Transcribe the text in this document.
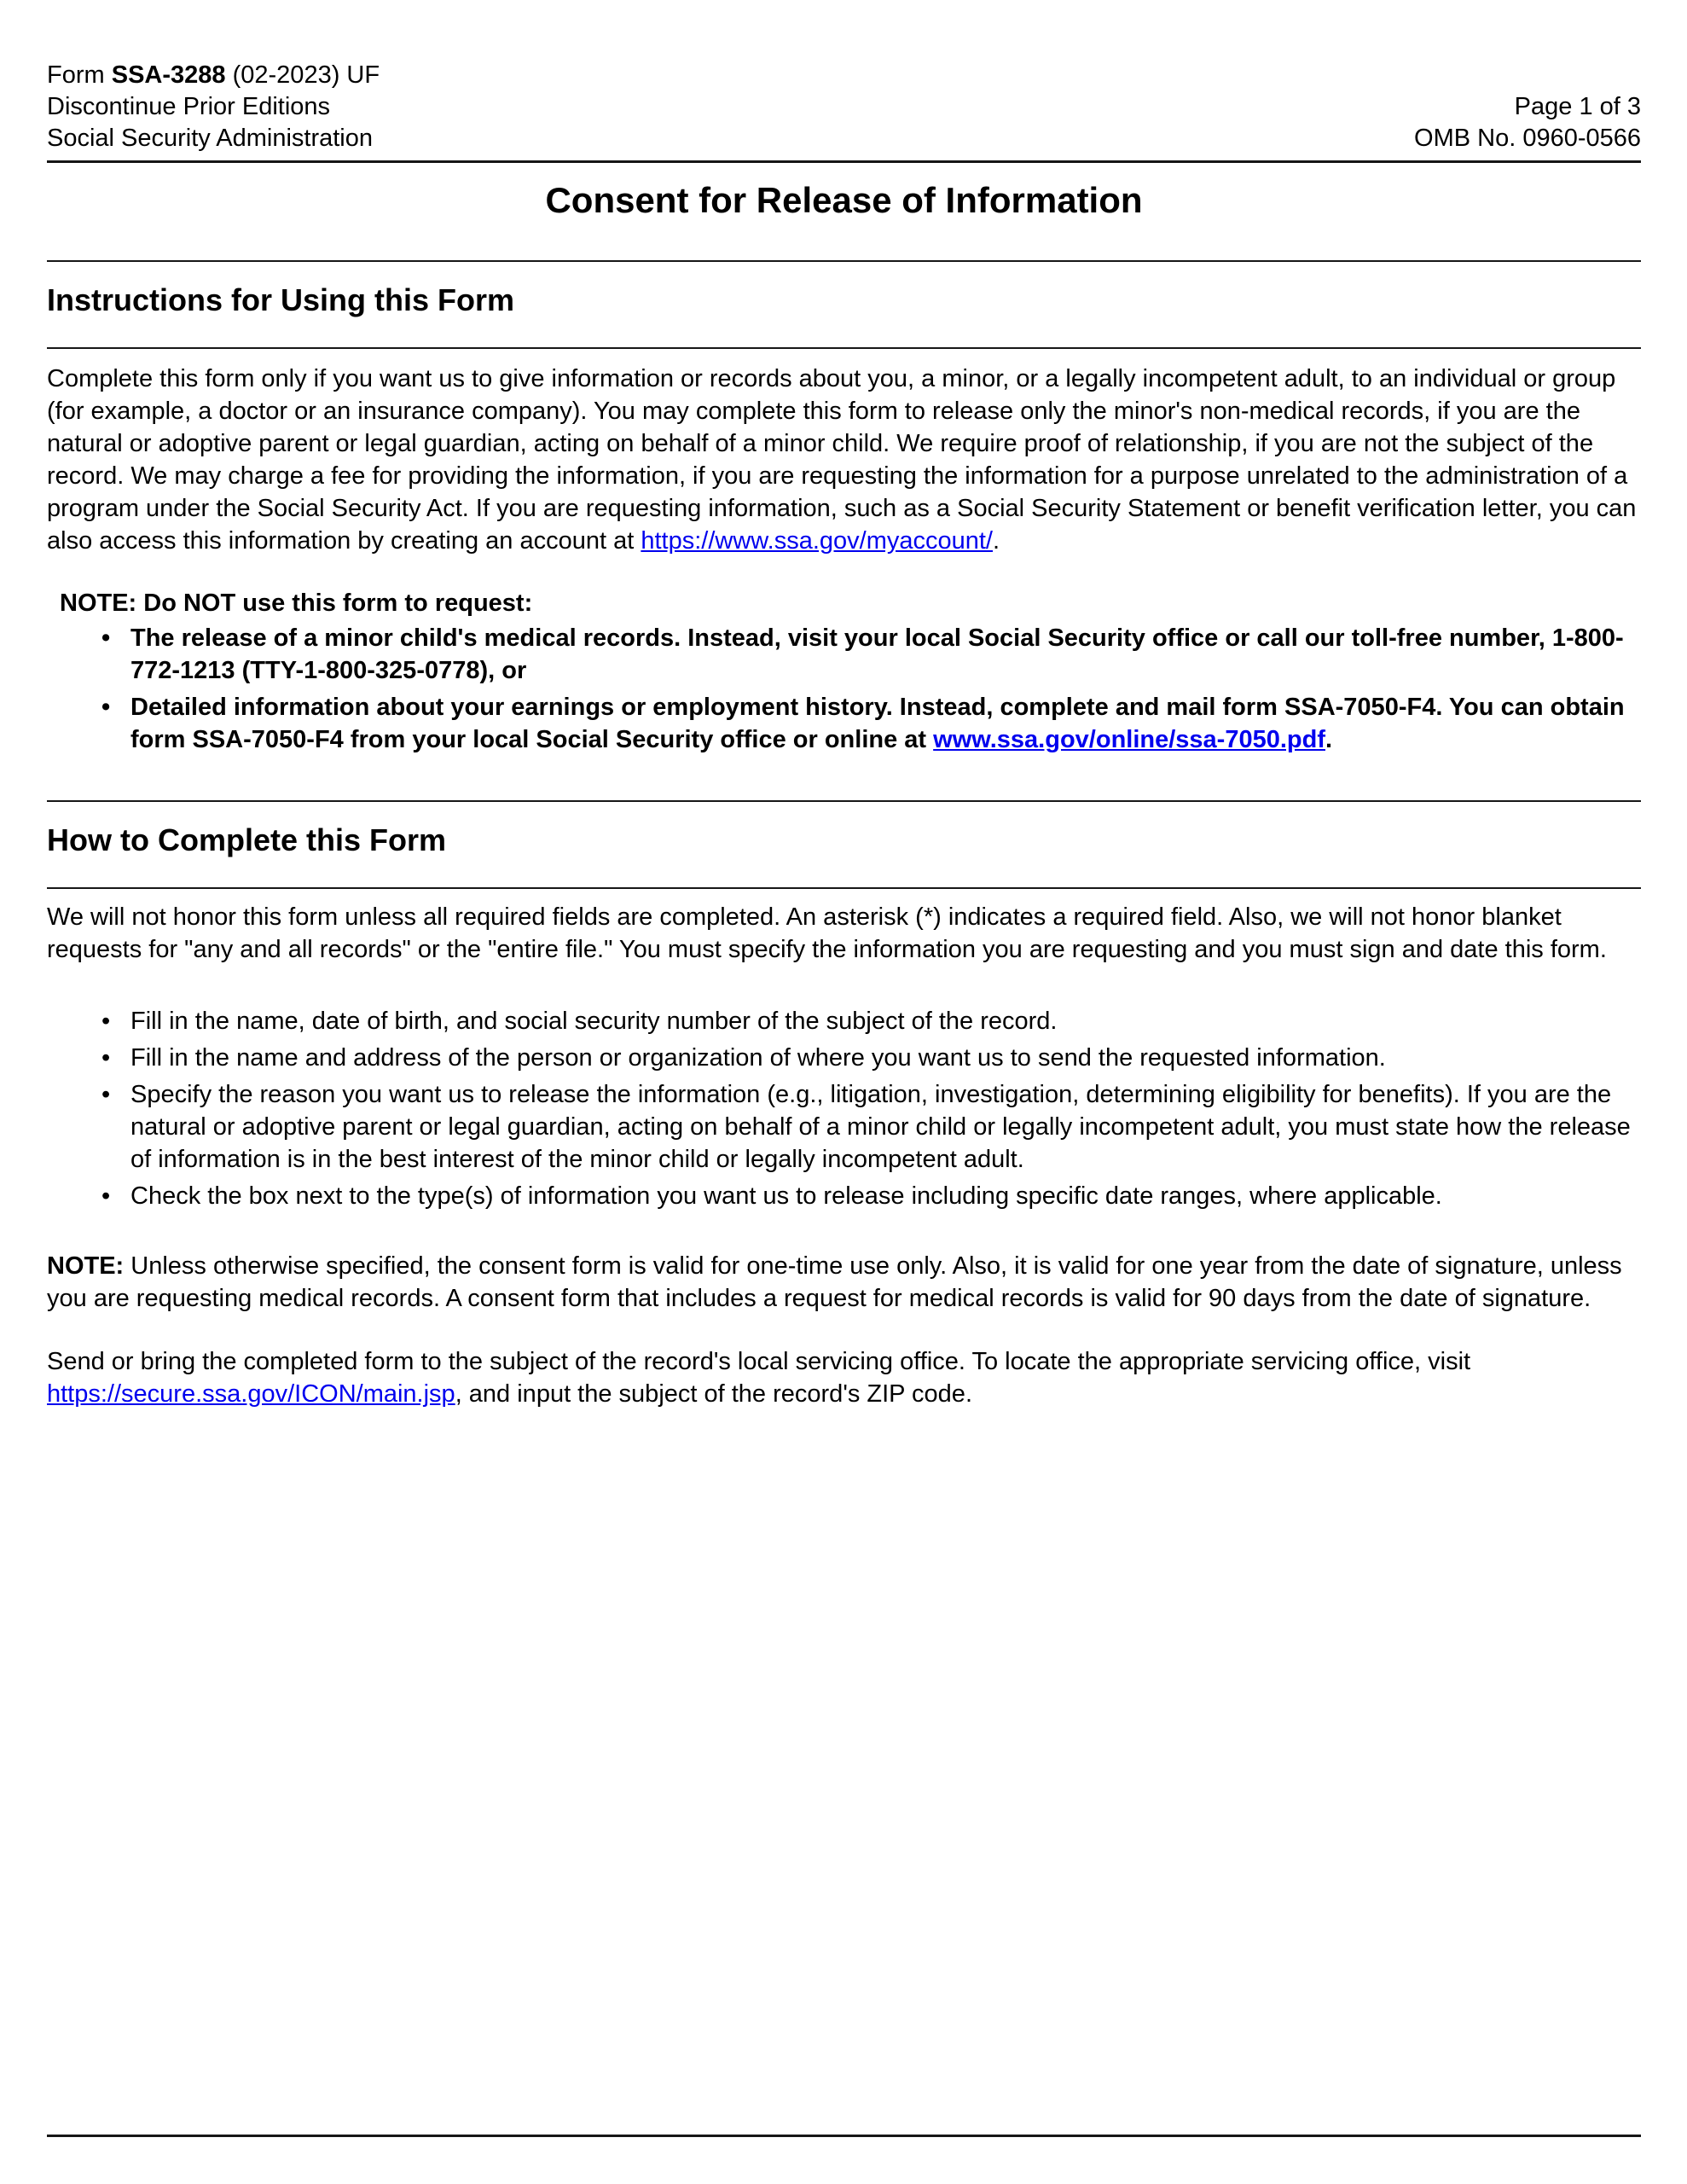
Form SSA-3288 (02-2023) UF
Discontinue Prior Editions
Social Security Administration
Page 1 of 3
OMB No. 0960-0566
Consent for Release of Information
Instructions for Using this Form

Complete this form only if you want us to give information or records about you, a minor, or a legally incompetent adult, to an individual or group (for example, a doctor or an insurance company). You may complete this form to release only the minor's non-medical records, if you are the natural or adoptive parent or legal guardian, acting on behalf of a minor child. We require proof of relationship, if you are not the subject of the record. We may charge a fee for providing the information, if you are requesting the information for a purpose unrelated to the administration of a program under the Social Security Act. If you are requesting information, such as a Social Security Statement or benefit verification letter, you can also access this information by creating an account at https://www.ssa.gov/myaccount/.

NOTE: Do NOT use this form to request:

• The release of a minor child's medical records. Instead, visit your local Social Security office or call our toll-free number, 1-800-772-1213 (TTY-1-800-325-0778), or
• Detailed information about your earnings or employment history. Instead, complete and mail form SSA-7050-F4. You can obtain form SSA-7050-F4 from your local Social Security office or online at www.ssa.gov/online/ssa-7050.pdf.
How to Complete this Form

We will not honor this form unless all required fields are completed. An asterisk (*) indicates a required field. Also, we will not honor blanket requests for "any and all records" or the "entire file." You must specify the information you are requesting and you must sign and date this form.

• Fill in the name, date of birth, and social security number of the subject of the record.
• Fill in the name and address of the person or organization of where you want us to send the requested information.
• Specify the reason you want us to release the information (e.g., litigation, investigation, determining eligibility for benefits). If you are the natural or adoptive parent or legal guardian, acting on behalf of a minor child or legally incompetent adult, you must state how the release of information is in the best interest of the minor child or legally incompetent adult.
• Check the box next to the type(s) of information you want us to release including specific date ranges, where applicable.

NOTE: Unless otherwise specified, the consent form is valid for one-time use only. Also, it is valid for one year from the date of signature, unless you are requesting medical records. A consent form that includes a request for medical records is valid for 90 days from the date of signature.

Send or bring the completed form to the subject of the record's local servicing office. To locate the appropriate servicing office, visit https://secure.ssa.gov/ICON/main.jsp, and input the subject of the record's ZIP code.
